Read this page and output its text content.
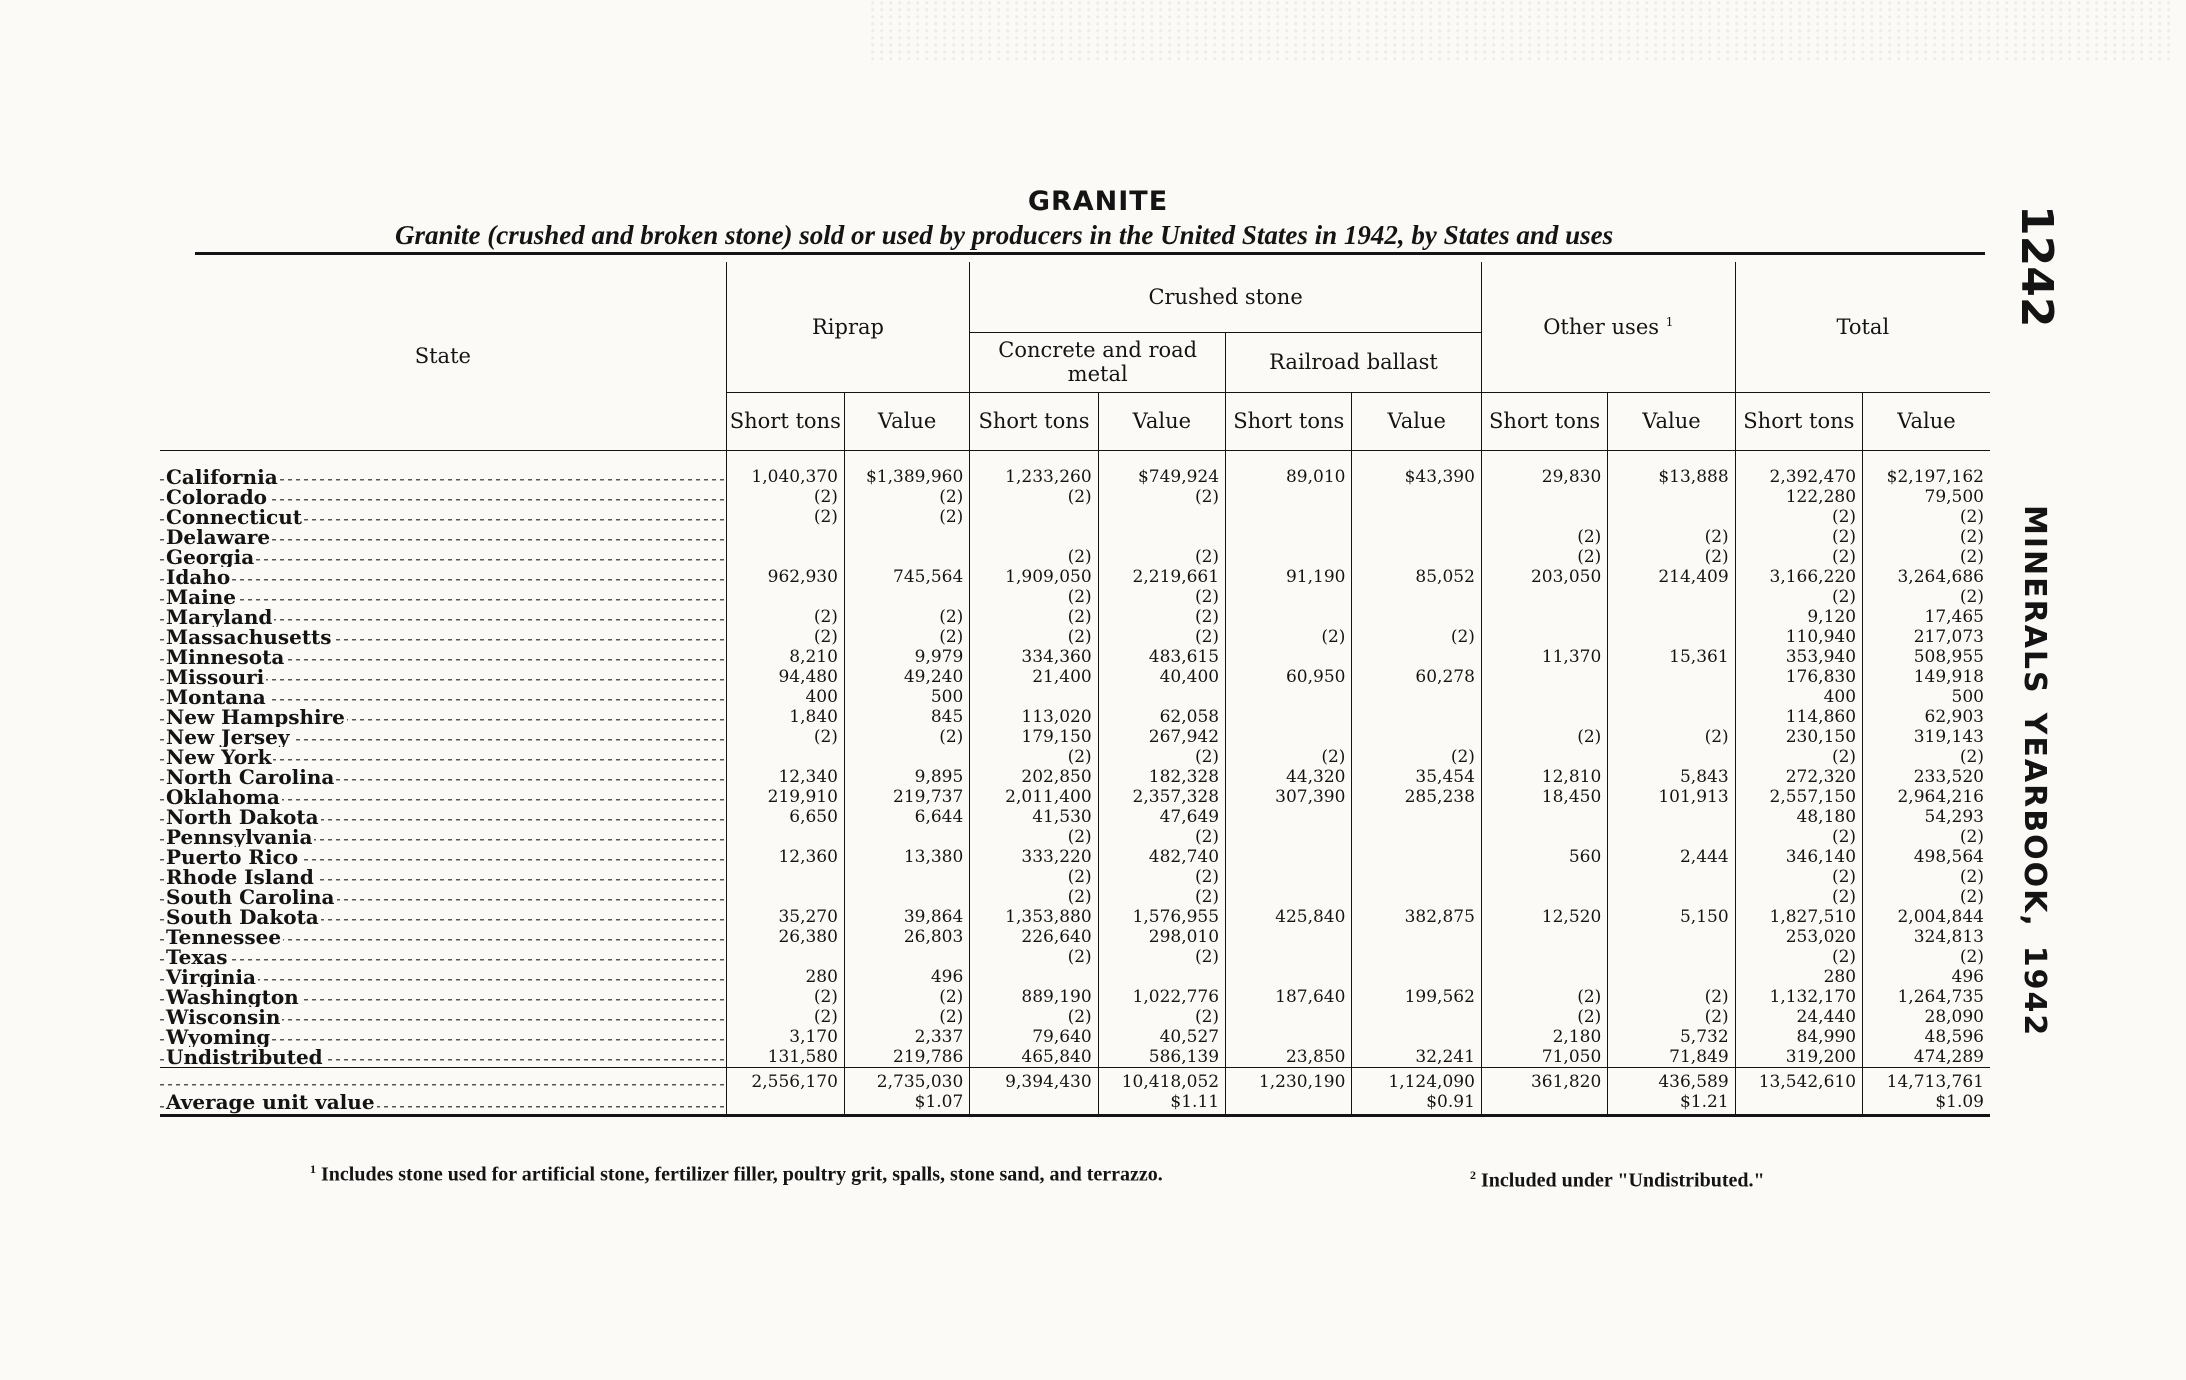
1242
MINERALSYEARBOOK,1942
GRANITE
Granite (crushed and broken stone) sold or used by producers in the United States in 1942, by States and uses
State	Riprap		Crushed stone				Other uses $^1$		Total	
			Concrete and road metal		Railroad ballast					
	Short tons	Value	Short tons	Value	Short tons	Value	Short tons	Value	Short tons	Value
California	1,040,370	$1,389,960	1,233,260	$749,924	89,010	$43,390	29,830	$13,888	2,392,470	$2,197,162
Colorado	(2)	(2)	(2)	(2)					122,280	79,500
Connecticut	(2)	(2)							(2)	(2)
Delaware							(2)	(2)	(2)	(2)
Georgia			(2)	(2)			(2)	(2)	(2)	(2)
Idaho	962,930	745,564	1,909,050	2,219,661	91,190	85,052	203,050	214,409	3,166,220	3,264,686
Maine			(2)	(2)					(2)	(2)
Maryland	(2)	(2)	(2)	(2)					9,120	17,465
Massachusetts	(2)	(2)	(2)	(2)	(2)	(2)			110,940	217,073
Minnesota	8,210	9,979	334,360	483,615			11,370	15,361	353,940	508,955
Missouri	94,480	49,240	21,400	40,400	60,950	60,278			176,830	149,918
Montana	400	500							400	500
New Hampshire	1,840	845	113,020	62,058					114,860	62,903
New Jersey	(2)	(2)	179,150	267,942			(2)	(2)	230,150	319,143
New York			(2)	(2)	(2)	(2)			(2)	(2)
North Carolina	12,340	9,895	202,850	182,328	44,320	35,454	12,810	5,843	272,320	233,520
Oklahoma	219,910	219,737	2,011,400	2,357,328	307,390	285,238	18,450	101,913	2,557,150	2,964,216
North Dakota	6,650	6,644	41,530	47,649					48,180	54,293
Pennsylvania			(2)	(2)					(2)	(2)
Puerto Rico	12,360	13,380	333,220	482,740			560	2,444	346,140	498,564
Rhode Island			(2)	(2)					(2)	(2)
South Carolina			(2)	(2)					(2)	(2)
South Dakota	35,270	39,864	1,353,880	1,576,955	425,840	382,875	12,520	5,150	1,827,510	2,004,844
Tennessee	26,380	26,803	226,640	298,010					253,020	324,813
Texas			(2)	(2)					(2)	(2)
Virginia	280	496							280	496
Washington	(2)	(2)	889,190	1,022,776	187,640	199,562	(2)	(2)	1,132,170	1,264,735
Wisconsin	(2)	(2)	(2)	(2)			(2)	(2)	24,440	28,090
Wyoming	3,170	2,337	79,640	40,527			2,180	5,732	84,990	48,596
Undistributed	131,580	219,786	465,840	586,139	23,850	32,241	71,050	71,849	319,200	474,289
	2,556,170	2,735,030	9,394,430	10,418,052	1,230,190	1,124,090	361,820	436,589	13,542,610	14,713,761
Average unit value		$1.07		$1.11		$0.91		$1.21		$1.09
$^1$ Includes stone used for artificial stone, fertilizer filler, poultry grit, spalls, stone sand, and terrazzo.	$^2$ Included under "Undistributed."
